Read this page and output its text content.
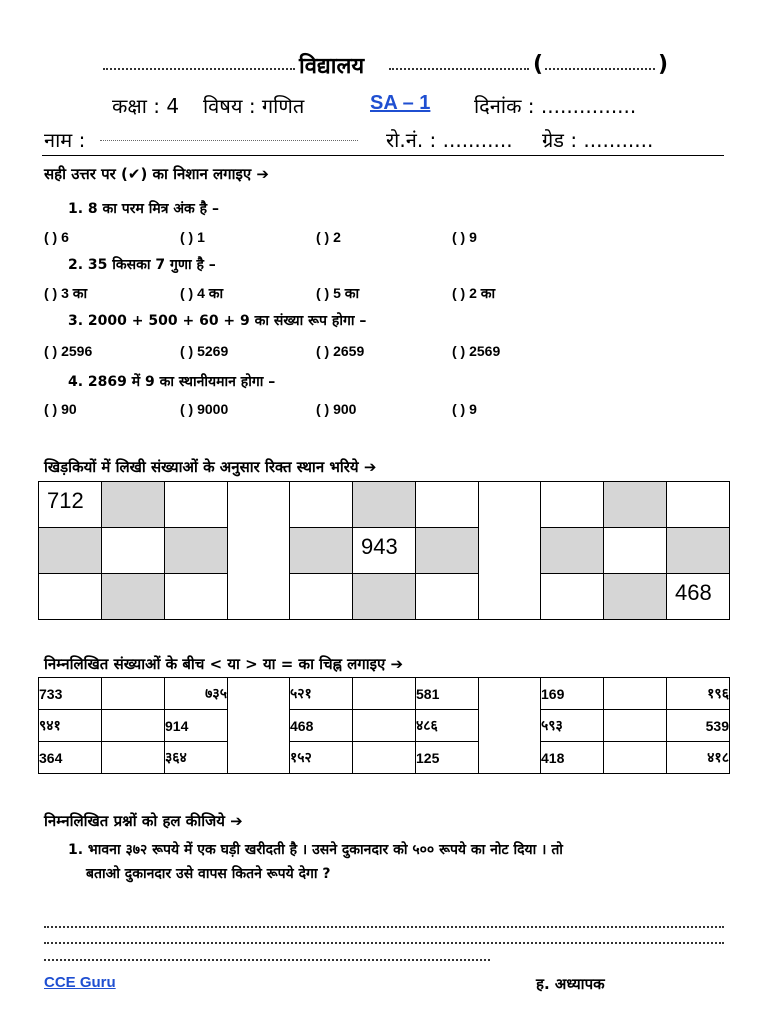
विद्यालय	(	)
कक्षा : 4 विषय : गणित	SA – 1 दिनांक : ...............
नाम :	रो.नं. : ........... ग्रेड : ...........
सही उत्तर पर (✔) का निशान लगाइए ➔
1. 8 का परम मित्र अंक है –
( ) 6	( ) 1	( ) 2	( ) 9
2. 35 किसका 7 गुणा है –
( ) 3 का	( ) 4 का	( ) 5 का	( ) 2 का
3. 2000 + 500 + 60 + 9 का संख्या रूप होगा –
( ) 2596	( ) 5269	( ) 2659	( ) 2569
4. 2869 में 9 का स्थानीयमान होगा –
( ) 90	( ) 9000	( ) 900	( ) 9
खिड़कियों में लिखी संख्याओं के अनुसार रिक्त स्थान भरिये ➔
712										
					943					
										468
निम्नलिखित संख्याओं के बीच < या > या = का चिह्न लगाइए ➔
733		७३५		५२१		581		169		१९६
९४१		914		468		४८६		५९३		539
364		३६४		१५२		125		418		४१८
निम्नलिखित प्रश्नों को हल कीजिये ➔
1. भावना ३७२ रूपये में एक घड़ी खरीदती है । उसने दुकानदार को ५०० रूपये का नोट दिया । तो
बताओ दुकानदार उसे वापस कितने रूपये देगा ?
CCE Guru	ह. अध्यापक
